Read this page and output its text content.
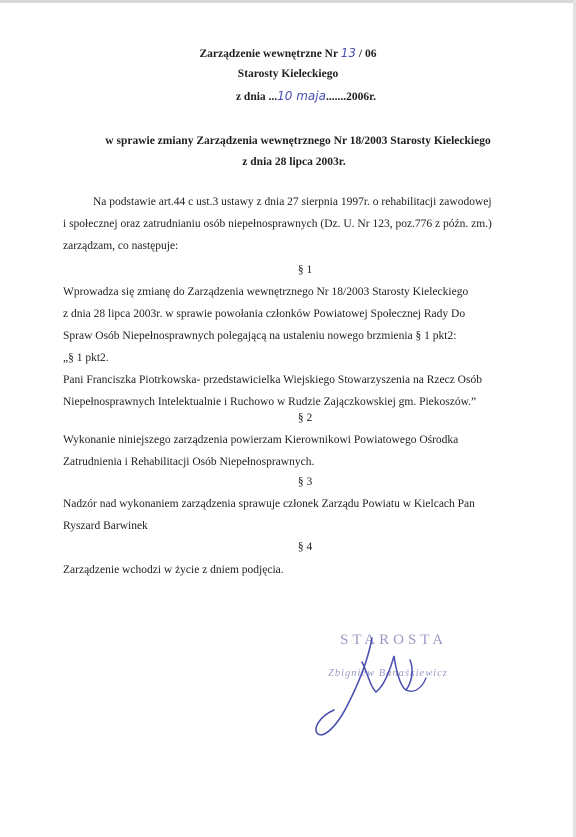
Zarządzenie wewnętrzne Nr 13 / 06
Starosty Kieleckiego
z dnia ...10 maja.......2006r.
w sprawie zmiany Zarządzenia wewnętrznego Nr 18/2003 Starosty Kieleckiego
z dnia 28 lipca 2003r.
Na podstawie art.44 c ust.3 ustawy z dnia 27 sierpnia 1997r. o rehabilitacji zawodowej
i społecznej oraz zatrudnianiu osób niepełnosprawnych (Dz. U. Nr 123, poz.776 z późn. zm.)
zarządzam, co następuje:
§ 1
Wprowadza się zmianę do Zarządzenia wewnętrznego Nr 18/2003 Starosty Kieleckiego
z dnia 28 lipca 2003r. w sprawie powołania członków Powiatowej Społecznej Rady Do
Spraw Osób Niepełnosprawnych polegającą na ustaleniu nowego brzmienia § 1 pkt2:
„§ 1 pkt2.
Pani Franciszka Piotrkowska- przedstawicielka Wiejskiego Stowarzyszenia na Rzecz Osób
Niepełnosprawnych Intelektualnie i Ruchowo w Rudzie Zajączkowskiej gm. Piekoszów.”
§ 2
Wykonanie niniejszego zarządzenia powierzam Kierownikowi Powiatowego Ośrodka
Zatrudnienia i Rehabilitacji Osób Niepełnosprawnych.
§ 3
Nadzór nad wykonaniem zarządzenia sprawuje członek Zarządu Powiatu w Kielcach Pan
Ryszard Barwinek
§ 4
Zarządzenie wchodzi w życie z dniem podjęcia.
STAROSTA
Zbigniew Banaśkiewicz
